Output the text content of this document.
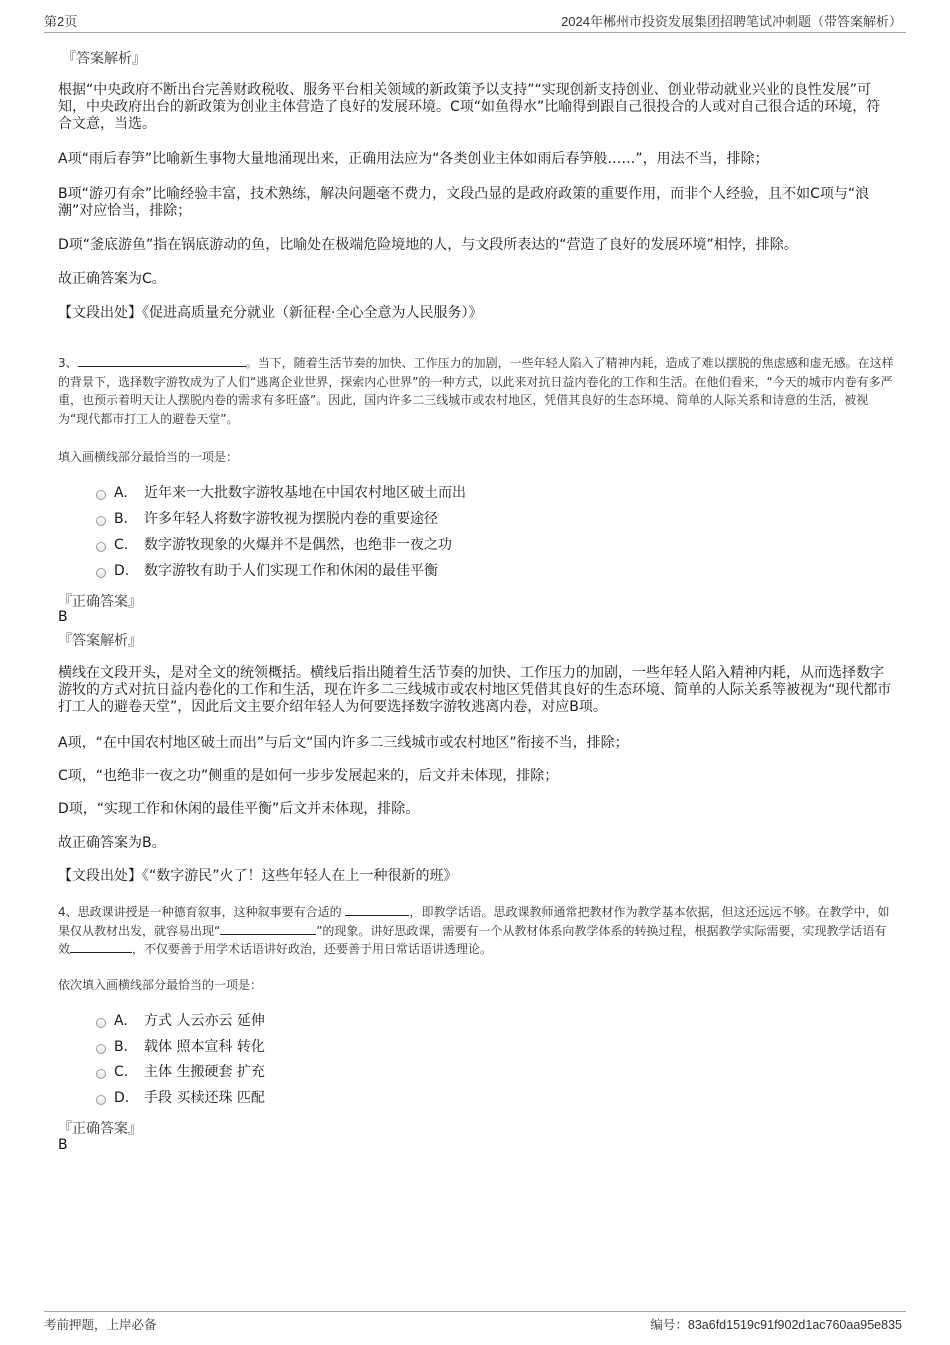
第2页	2024年郴州市投资发展集团招聘笔试冲刺题（带答案解析）
『答案解析』
根据“中央政府不断出台完善财政税收、服务平台相关领域的新政策予以支持”“实现创新支持创业、创业带动就业兴业的良性发展”可知，中央政府出台的新政策为创业主体营造了良好的发展环境。C项“如鱼得水”比喻得到跟自己很投合的人或对自己很合适的环境，符合文意，当选。
A项“雨后春笋”比喻新生事物大量地涌现出来，正确用法应为“各类创业主体如雨后春笋般……”，用法不当，排除；
B项“游刃有余”比喻经验丰富，技术熟练，解决问题毫不费力，文段凸显的是政府政策的重要作用，而非个人经验，且不如C项与“浪潮”对应恰当，排除；
D项“釜底游鱼”指在锅底游动的鱼，比喻处在极端危险境地的人，与文段所表达的“营造了良好的发展环境”相悖，排除。
故正确答案为C。
【文段出处】《促进高质量充分就业（新征程·全心全意为人民服务）》
3、	。当下，随着生活节奏的加快、工作压力的加剧，一些年轻人陷入了精神内耗，造成了难以摆脱的焦虑感和虚无感。在这样的背景下，选择数字游牧成为了人们“逃离企业世界，探索内心世界”的一种方式，以此来对抗日益内卷化的工作和生活。在他们看来，“今天的城市内卷有多严重，也预示着明天让人摆脱内卷的需求有多旺盛”。因此，国内许多二三线城市或农村地区，凭借其良好的生态环境、简单的人际关系和诗意的生活，被视为“现代都市打工人的避卷天堂”。
填入画横线部分最恰当的一项是：
A. 近年来一大批数字游牧基地在中国农村地区破土而出
B. 许多年轻人将数字游牧视为摆脱内卷的重要途径
C. 数字游牧现象的火爆并不是偶然，也绝非一夜之功
D. 数字游牧有助于人们实现工作和休闲的最佳平衡
『正确答案』
B
『答案解析』
横线在文段开头，是对全文的统领概括。横线后指出随着生活节奏的加快、工作压力的加剧，一些年轻人陷入精神内耗，从而选择数字游牧的方式对抗日益内卷化的工作和生活，现在许多二三线城市或农村地区凭借其良好的生态环境、简单的人际关系等被视为“现代都市打工人的避卷天堂”，因此后文主要介绍年轻人为何要选择数字游牧逃离内卷，对应B项。
A项，“在中国农村地区破土而出”与后文“国内许多二三线城市或农村地区”衔接不当，排除；
C项，“也绝非一夜之功”侧重的是如何一步步发展起来的，后文并未体现，排除；
D项，“实现工作和休闲的最佳平衡”后文并未体现，排除。
故正确答案为B。
【文段出处】《“数字游民”火了！这些年轻人在上一种很新的班》
4、思政课讲授是一种德育叙事，这种叙事要有合适的	，即教学话语。思政课教师通常把教材作为教学基本依据，但这还远远不够。在教学中，如果仅从教材出发，就容易出现“	”的现象。讲好思政课，需要有一个从教材体系向教学体系的转换过程，根据教学实际需要，实现教学话语有效	，不仅要善于用学术话语讲好政治，还要善于用日常话语讲透理论。
依次填入画横线部分最恰当的一项是：
A. 方式 人云亦云 延伸
B. 载体 照本宣科 转化
C. 主体 生搬硬套 扩充
D. 手段 买椟还珠 匹配
『正确答案』
B
考前押题，上岸必备	编号：83a6fd1519c91f902d1ac760aa95e835
